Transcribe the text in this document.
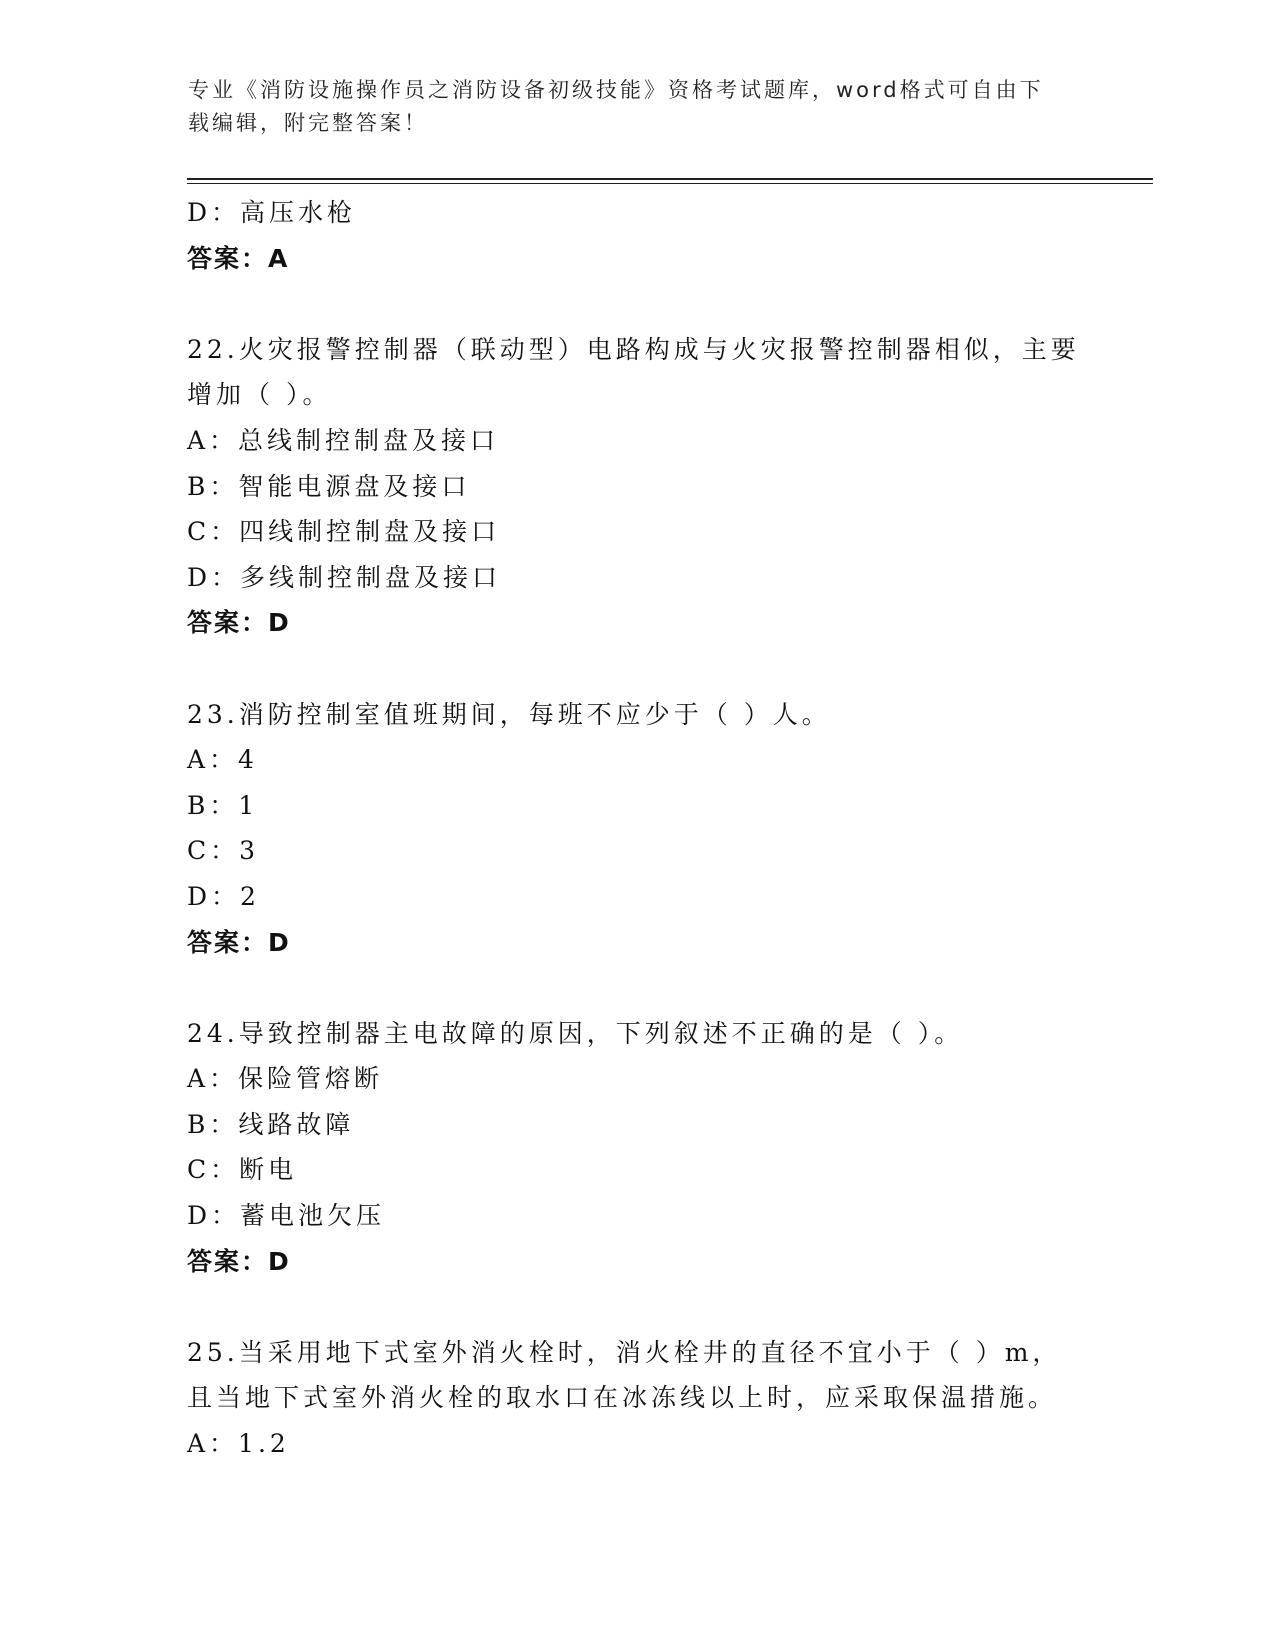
专业《消防设施操作员之消防设备初级技能》资格考试题库，word格式可自由下
载编辑，附完整答案！
D：高压水枪
答案：A
22.火灾报警控制器（联动型）电路构成与火灾报警控制器相似，主要
增加（ ）。
A：总线制控制盘及接口
B：智能电源盘及接口
C：四线制控制盘及接口
D：多线制控制盘及接口
答案：D
23.消防控制室值班期间，每班不应少于（ ）人。
A：4
B：1
C：3
D：2
答案：D
24.导致控制器主电故障的原因，下列叙述不正确的是（ ）。
A：保险管熔断
B：线路故障
C：断电
D：蓄电池欠压
答案：D
25.当采用地下式室外消火栓时，消火栓井的直径不宜小于（ ）m，
且当地下式室外消火栓的取水口在冰冻线以上时，应采取保温措施。
A：1.2
